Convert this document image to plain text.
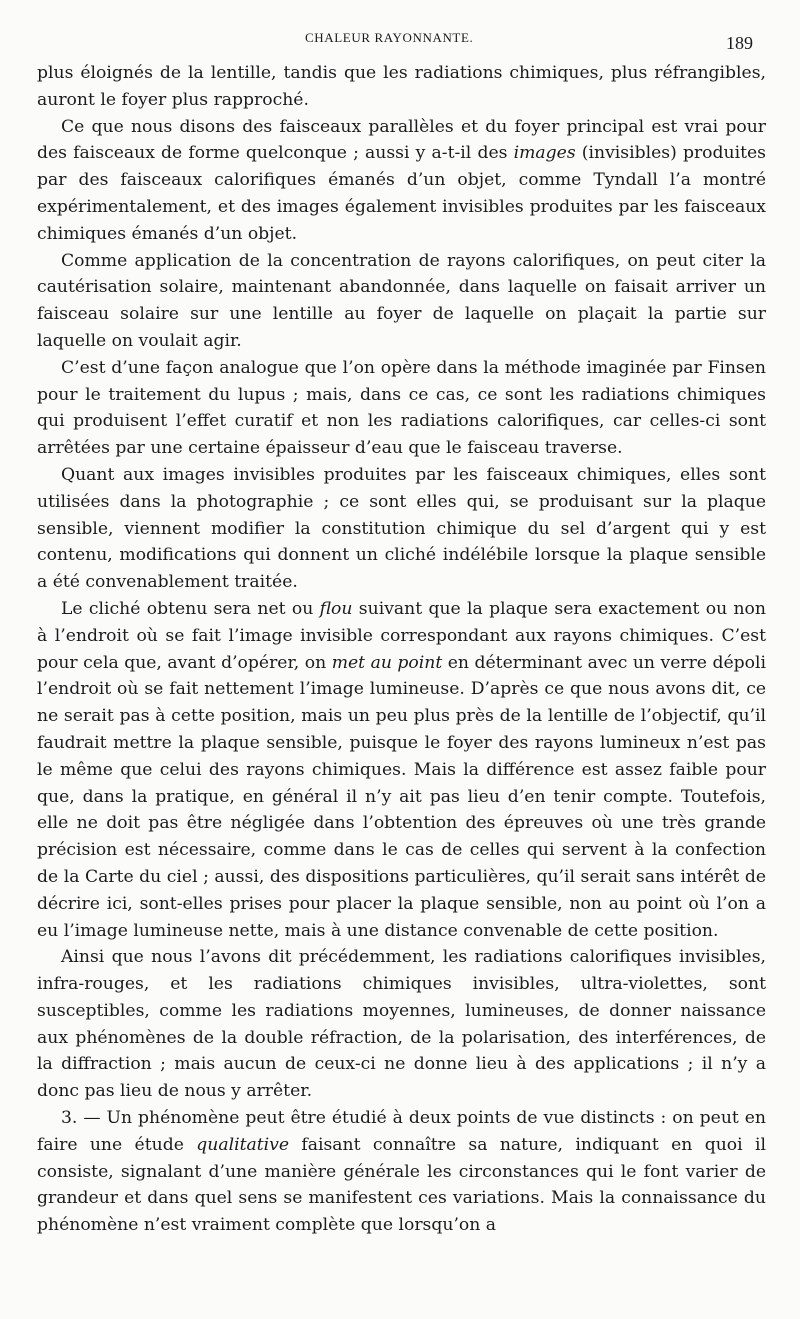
CHALEUR RAYONNANTE.	189

plus éloignés de la lentille, tandis que les radiations chimiques, plus réfrangibles, auront le foyer plus rapproché.

Ce que nous disons des faisceaux parallèles et du foyer principal est vrai pour des faisceaux de forme quelconque ; aussi y a-t-il des images (invisibles) produites par des faisceaux calorifiques émanés d’un objet, comme Tyndall l’a montré expérimentalement, et des images également invisibles produites par les faisceaux chimiques émanés d’un objet.

Comme application de la concentration de rayons calorifiques, on peut citer la cautérisation solaire, maintenant abandonnée, dans laquelle on faisait arriver un faisceau solaire sur une lentille au foyer de laquelle on plaçait la partie sur laquelle on voulait agir.

C’est d’une façon analogue que l’on opère dans la méthode imaginée par Finsen pour le traitement du lupus ; mais, dans ce cas, ce sont les radiations chimiques qui produisent l’effet curatif et non les radiations calorifiques, car celles-ci sont arrêtées par une certaine épaisseur d’eau que le faisceau traverse.

Quant aux images invisibles produites par les faisceaux chimiques, elles sont utilisées dans la photographie ; ce sont elles qui, se produisant sur la plaque sensible, viennent modifier la constitution chimique du sel d’argent qui y est contenu, modifications qui donnent un cliché indélébile lorsque la plaque sensible a été convenablement traitée.

Le cliché obtenu sera net ou flou suivant que la plaque sera exactement ou non à l’endroit où se fait l’image invisible correspondant aux rayons chimiques. C’est pour cela que, avant d’opérer, on met au point en déterminant avec un verre dépoli l’endroit où se fait nettement l’image lumineuse. D’après ce que nous avons dit, ce ne serait pas à cette position, mais un peu plus près de la lentille de l’objectif, qu’il faudrait mettre la plaque sensible, puisque le foyer des rayons lumineux n’est pas le même que celui des rayons chimiques. Mais la différence est assez faible pour que, dans la pratique, en général il n’y ait pas lieu d’en tenir compte. Toutefois, elle ne doit pas être négligée dans l’obtention des épreuves où une très grande précision est nécessaire, comme dans le cas de celles qui servent à la confection de la Carte du ciel ; aussi, des dispositions particulières, qu’il serait sans intérêt de décrire ici, sont-elles prises pour placer la plaque sensible, non au point où l’on a eu l’image lumineuse nette, mais à une distance convenable de cette position.

Ainsi que nous l’avons dit précédemment, les radiations calorifiques invisibles, infra-rouges, et les radiations chimiques invisibles, ultra-violettes, sont susceptibles, comme les radiations moyennes, lumineuses, de donner naissance aux phénomènes de la double réfraction, de la polarisation, des interférences, de la diffraction ; mais aucun de ceux-ci ne donne lieu à des applications ; il n’y a donc pas lieu de nous y arrêter.

3. — Un phénomène peut être étudié à deux points de vue distincts : on peut en faire une étude qualitative faisant connaître sa nature, indiquant en quoi il consiste, signalant d’une manière générale les circonstances qui le font varier de grandeur et dans quel sens se manifestent ces variations. Mais la connaissance du phénomène n’est vraiment complète que lorsqu’on a
